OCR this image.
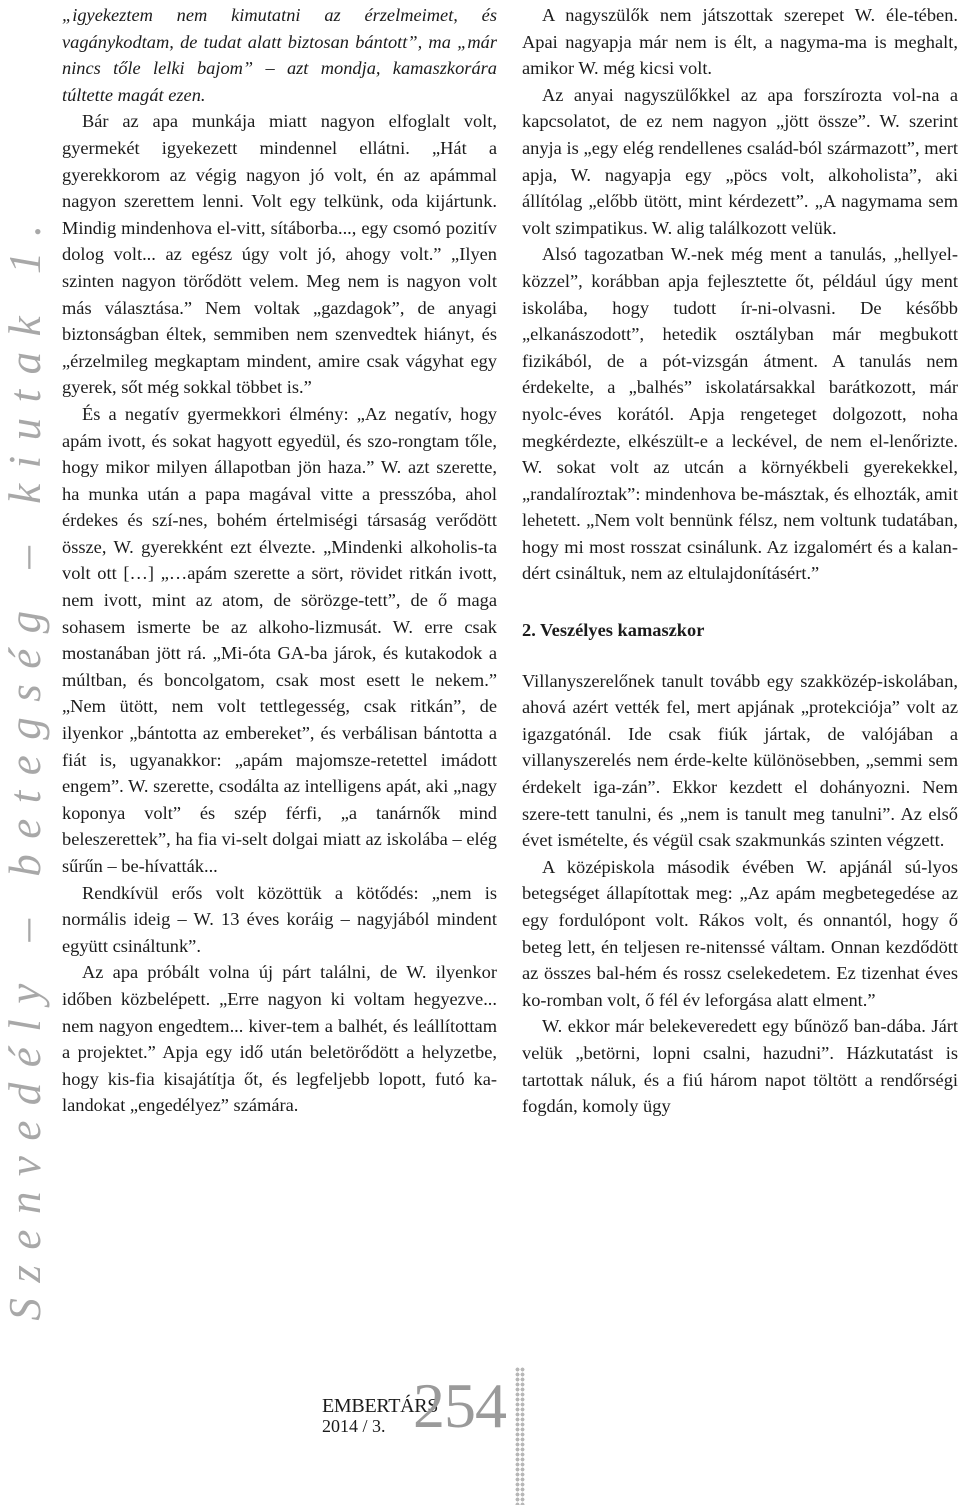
Szenvedély – betegség – kiutak 1.

„igyekeztem nem kimutatni az érzelmeimet, és vagánykodtam, de tudat alatt biztosan bántott”, ma „már nincs tőle lelki bajom” – azt mondja, kamaszkorára túltette magát ezen.

Bár az apa munkája miatt nagyon elfoglalt volt, gyermekét igyekezett mindennel ellátni. „Hát a gyerekkorom az végig nagyon jó volt, én az apámmal nagyon szerettem lenni. Volt egy telkünk, oda kijártunk. Mindig mindenhova el-vitt, sítáborba..., egy csomó pozitív dolog volt... az egész úgy volt jó, ahogy volt.” „Ilyen szinten nagyon törődött velem. Meg nem is nagyon volt más választása.” Nem voltak „gazdagok”, de anyagi biztonságban éltek, semmiben nem szenvedtek hiányt, és „érzelmileg megkaptam mindent, amire csak vágyhat egy gyerek, sőt még sokkal többet is.”

És a negatív gyermekkori élmény: „Az negatív, hogy apám ivott, és sokat hagyott egyedül, és szo-rongtam tőle, hogy mikor milyen állapotban jön haza.” W. azt szerette, ha munka után a papa magával vitte a presszóba, ahol érdekes és szí-nes, bohém értelmiségi társaság verődött össze, W. gyerekként ezt élvezte. „Mindenki alkoholis-ta volt ott […] „…apám szerette a sört, rövidet ritkán ivott, nem ivott, mint az atom, de sörözge-tett”, de ő maga sohasem ismerte be az alkoho-lizmusát. W. erre csak mostanában jött rá. „Mi-óta GA-ba járok, és kutakodok a múltban, és boncolgatom, csak most esett le nekem.” „Nem ütött, nem volt tettlegesség, csak ritkán”, de ilyenkor „bántotta az embereket”, és verbálisan bántotta a fiát is, ugyanakkor: „apám majomsze-retettel imádott engem”. W. szerette, csodálta az intelligens apát, aki „nagy koponya volt” és szép férfi, „a tanárnők mind beleszerettek”, ha fia vi-selt dolgai miatt az iskolába – elég sűrűn – be-hívatták...

Rendkívül erős volt közöttük a kötődés: „nem is normális ideig – W. 13 éves koráig – nagyjából mindent együtt csináltunk”.

Az apa próbált volna új párt találni, de W. ilyenkor időben közbelépett. „Erre nagyon ki voltam hegyezve... nem nagyon engedtem... kiver-tem a balhét, és leállítottam a projektet.” Apja egy idő után beletörődött a helyzetbe, hogy kis-fia kisajátítja őt, és legfeljebb lopott, futó ka-landokat „engedélyez” számára.

A nagyszülők nem játszottak szerepet W. éle-tében. Apai nagyapja már nem is élt, a nagyma-ma is meghalt, amikor W. még kicsi volt.

Az anyai nagyszülőkkel az apa forszírozta vol-na a kapcsolatot, de ez nem nagyon „jött össze”. W. szerint anyja is „egy elég rendellenes család-ból származott”, mert apja, W. nagyapja egy „pöcs volt, alkoholista”, aki állítólag „előbb ütött, mint kérdezett”. „A nagymama sem volt szimpatikus. W. alig találkozott velük.

Alsó tagozatban W.-nek még ment a tanulás, „hellyel-közzel”, korábban apja fejlesztette őt, például úgy ment iskolába, hogy tudott ír-ni-olvasni. De később „elkanászodott”, hetedik osztályban már megbukott fizikából, de a pót-vizsgán átment. A tanulás nem érdekelte, a „balhés” iskolatársakkal barátkozott, már nyolc-éves korától. Apja rengeteget dolgozott, noha megkérdezte, elkészült-e a leckével, de nem el-lenőrizte. W. sokat volt az utcán a környékbeli gyerekekkel, „randalíroztak”: mindenhova be-másztak, és elhozták, amit lehetett. „Nem volt bennünk félsz, nem voltunk tudatában, hogy mi most rosszat csinálunk. Az izgalomért és a kalan-dért csináltuk, nem az eltulajdonításért.”

2. Veszélyes kamaszkor

Villanyszerelőnek tanult tovább egy szakközép-iskolában, ahová azért vették fel, mert apjának „protekciója” volt az igazgatónál. Ide csak fiúk jártak, de valójában a villanyszerelés nem érde-kelte különösebben, „semmi sem érdekelt iga-zán”. Ekkor kezdett el dohányozni. Nem szere-tett tanulni, és „nem is tanult meg tanulni”. Az első évet ismételte, és végül csak szakmunkás szinten végzett.

A középiskola második évében W. apjánál sú-lyos betegséget állapítottak meg: „Az apám megbetegedése az egy fordulópont volt. Rákos volt, és onnantól, hogy ő beteg lett, én teljesen re-nitenssé váltam. Onnan kezdődött az összes bal-hém és rossz cselekedetem. Ez tizenhat éves ko-romban volt, ő fél év leforgása alatt elment.”

W. ekkor már belekeveredett egy bűnöző ban-dába. Járt velük „betörni, lopni csalni, hazudni”. Házkutatást is tartottak náluk, és a fiú három napot töltött a rendőrségi fogdán, komoly ügy

EMBERTÁRS
2014 / 3. 254
